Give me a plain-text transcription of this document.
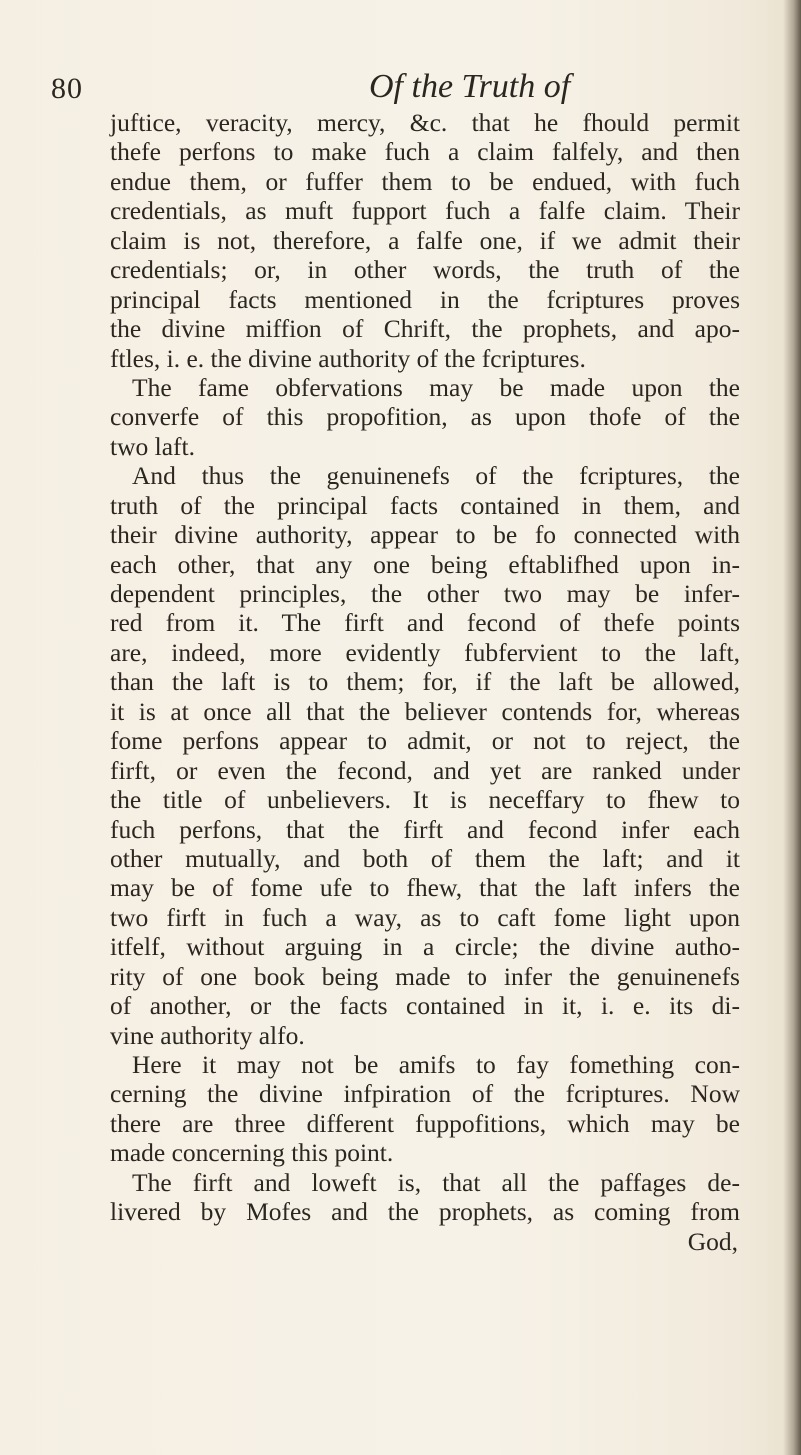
80	Of the Truth of
juftice, veracity, mercy, &c. that he fhould permit
thefe perfons to make fuch a claim falfely, and then
endue them, or fuffer them to be endued, with fuch
credentials, as muft fupport fuch a falfe claim. Their
claim is not, therefore, a falfe one, if we admit their
credentials; or, in other words, the truth of the
principal facts mentioned in the fcriptures proves
the divine miffion of Chrift, the prophets, and apo-
ftles, i. e. the divine authority of the fcriptures.
The fame obfervations may be made upon the
converfe of this propofition, as upon thofe of the
two laft.
And thus the genuinenefs of the fcriptures, the
truth of the principal facts contained in them, and
their divine authority, appear to be fo connected with
each other, that any one being eftablifhed upon in-
dependent principles, the other two may be infer-
red from it. The firft and fecond of thefe points
are, indeed, more evidently fubfervient to the laft,
than the laft is to them; for, if the laft be allowed,
it is at once all that the believer contends for, whereas
fome perfons appear to admit, or not to reject, the
firft, or even the fecond, and yet are ranked under
the title of unbelievers. It is neceffary to fhew to
fuch perfons, that the firft and fecond infer each
other mutually, and both of them the laft; and it
may be of fome ufe to fhew, that the laft infers the
two firft in fuch a way, as to caft fome light upon
itfelf, without arguing in a circle; the divine autho-
rity of one book being made to infer the genuinenefs
of another, or the facts contained in it, i. e. its di-
vine authority alfo.
Here it may not be amifs to fay fomething con-
cerning the divine infpiration of the fcriptures. Now
there are three different fuppofitions, which may be
made concerning this point.
The firft and loweft is, that all the paffages de-
livered by Mofes and the prophets, as coming from
God,
